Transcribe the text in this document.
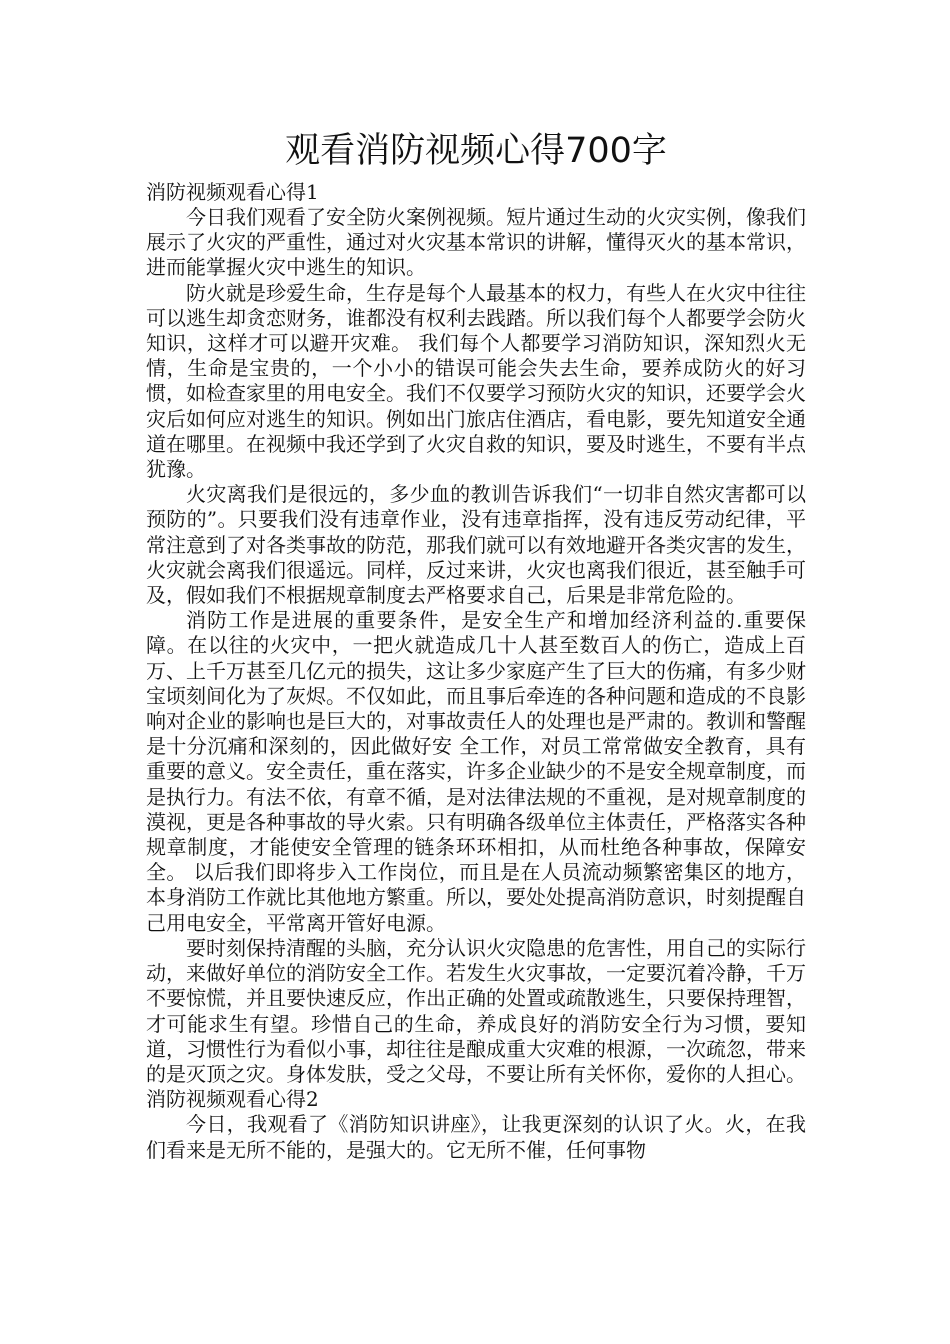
观看消防视频心得700字

消防视频观看心得1

今日我们观看了安全防火案例视频。短片通过生动的火灾实例，像我们展示了火灾的严重性，通过对火灾基本常识的讲解，懂得灭火的基本常识，进而能掌握火灾中逃生的知识。

防火就是珍爱生命，生存是每个人最基本的权力，有些人在火灾中往往可以逃生却贪恋财务，谁都没有权利去践踏。所以我们每个人都要学会防火知识，这样才可以避开灾难。 我们每个人都要学习消防知识，深知烈火无情，生命是宝贵的，一个小小的错误可能会失去生命，要养成防火的好习惯，如检查家里的用电安全。我们不仅要学习预防火灾的知识，还要学会火灾后如何应对逃生的知识。例如出门旅店住酒店，看电影，要先知道安全通道在哪里。在视频中我还学到了火灾自救的知识，要及时逃生，不要有半点犹豫。

火灾离我们是很远的，多少血的教训告诉我们“一切非自然灾害都可以预防的”。只要我们没有违章作业，没有违章指挥，没有违反劳动纪律，平常注意到了对各类事故的防范，那我们就可以有效地避开各类灾害的发生，火灾就会离我们很遥远。同样，反过来讲，火灾也离我们很近，甚至触手可及，假如我们不根据规章制度去严格要求自己，后果是非常危险的。

消防工作是进展的重要条件，是安全生产和增加经济利益的.重要保障。在以往的火灾中，一把火就造成几十人甚至数百人的伤亡，造成上百万、上千万甚至几亿元的损失，这让多少家庭产生了巨大的伤痛，有多少财宝顷刻间化为了灰烬。不仅如此，而且事后牵连的各种问题和造成的不良影响对企业的影响也是巨大的，对事故责任人的处理也是严肃的。教训和警醒是十分沉痛和深刻的，因此做好安 全工作，对员工常常做安全教育，具有重要的意义。安全责任，重在落实，许多企业缺少的不是安全规章制度，而是执行力。有法不依，有章不循，是对法律法规的不重视，是对规章制度的漠视，更是各种事故的导火索。只有明确各级单位主体责任，严格落实各种规章制度，才能使安全管理的链条环环相扣，从而杜绝各种事故，保障安全。 以后我们即将步入工作岗位，而且是在人员流动频繁密集区的地方，本身消防工作就比其他地方繁重。所以，要处处提高消防意识，时刻提醒自己用电安全，平常离开管好电源。

要时刻保持清醒的头脑，充分认识火灾隐患的危害性，用自己的实际行动，来做好单位的消防安全工作。若发生火灾事故，一定要沉着冷静，千万不要惊慌，并且要快速反应，作出正确的处置或疏散逃生，只要保持理智，才可能求生有望。珍惜自己的生命，养成良好的消防安全行为习惯，要知道，习惯性行为看似小事，却往往是酿成重大灾难的根源，一次疏忽，带来的是灭顶之灾。身体发肤，受之父母，不要让所有关怀你，爱你的人担心。消防视频观看心得2

今日，我观看了《消防知识讲座》，让我更深刻的认识了火。火，在我们看来是无所不能的，是强大的。它无所不催，任何事物
